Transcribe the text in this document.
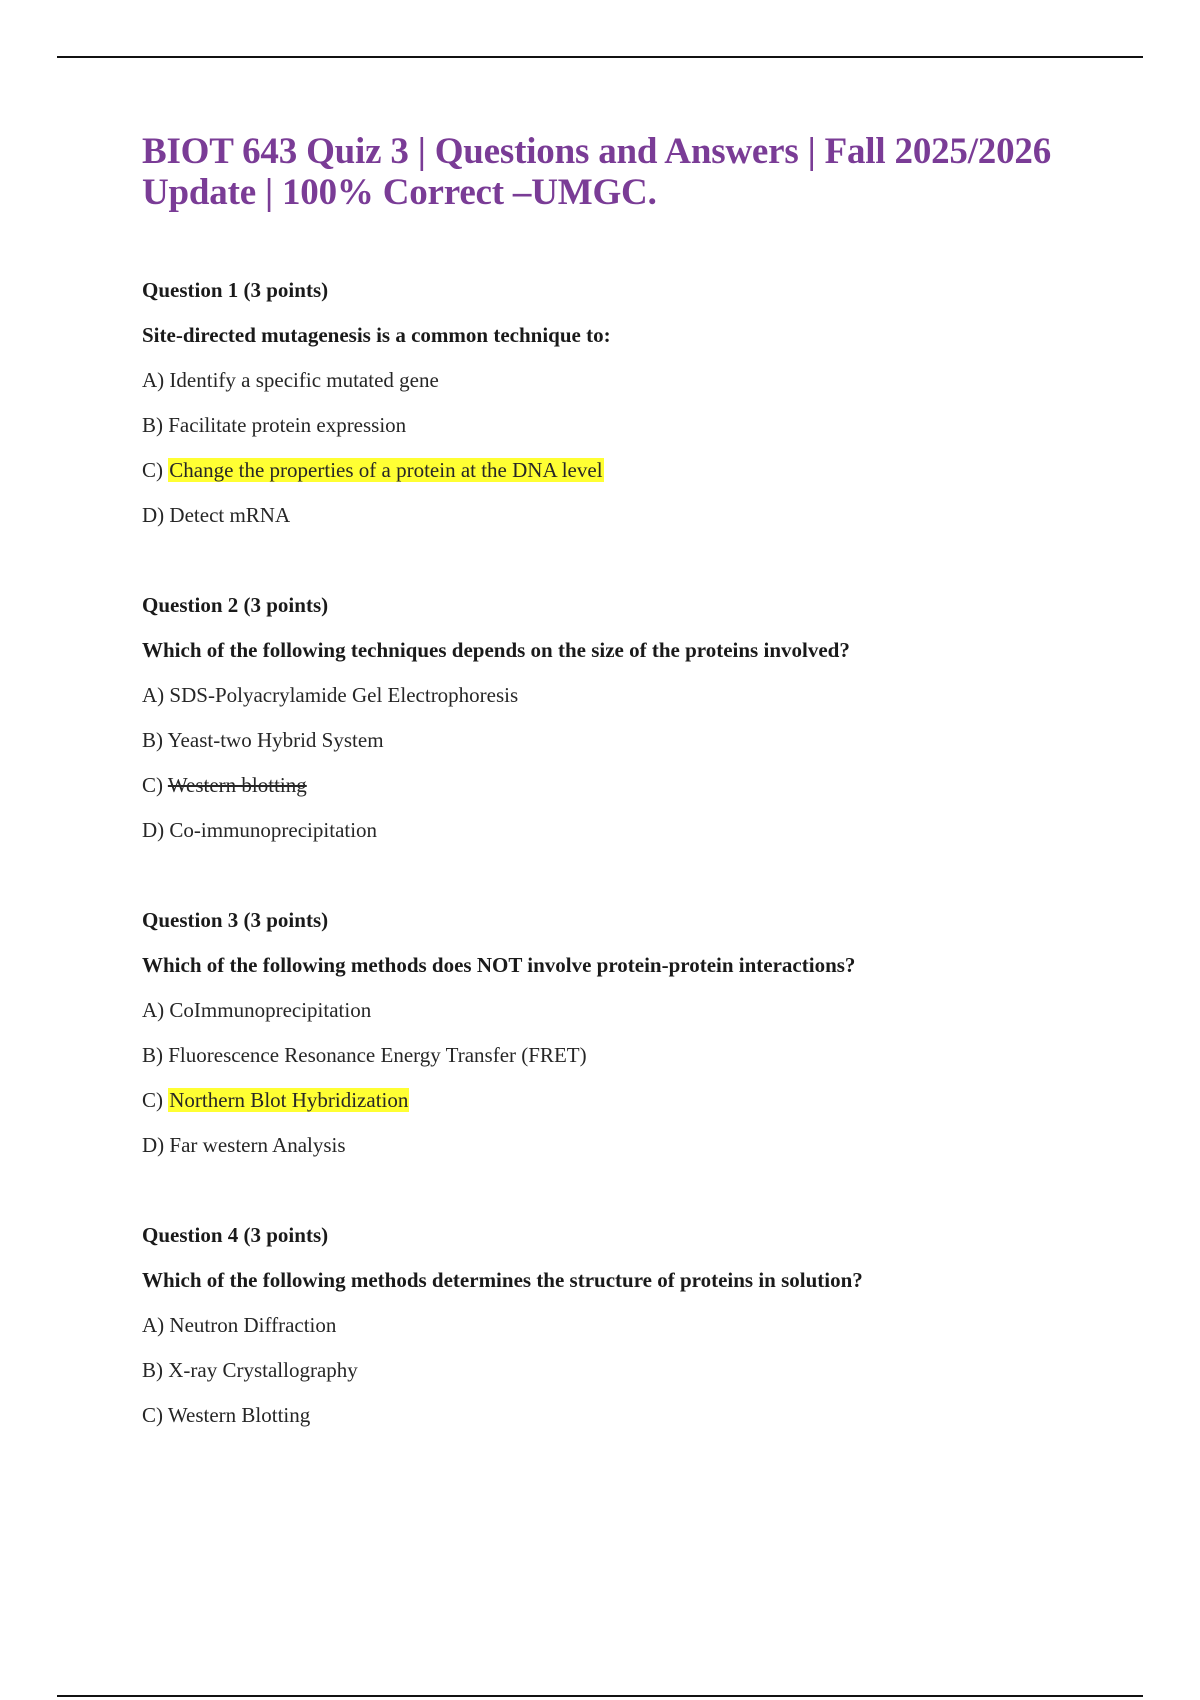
BIOT 643 Quiz 3 | Questions and Answers | Fall 2025/2026 Update | 100% Correct –UMGC.
Question 1 (3 points)
Site-directed mutagenesis is a common technique to:
A) Identify a specific mutated gene
B) Facilitate protein expression
C) Change the properties of a protein at the DNA level
D) Detect mRNA
Question 2 (3 points)
Which of the following techniques depends on the size of the proteins involved?
A) SDS-Polyacrylamide Gel Electrophoresis
B) Yeast-two Hybrid System
C) Western blotting
D) Co-immunoprecipitation
Question 3 (3 points)
Which of the following methods does NOT involve protein-protein interactions?
A) CoImmunoprecipitation
B) Fluorescence Resonance Energy Transfer (FRET)
C) Northern Blot Hybridization
D) Far western Analysis
Question 4 (3 points)
Which of the following methods determines the structure of proteins in solution?
A) Neutron Diffraction
B) X-ray Crystallography
C) Western Blotting
